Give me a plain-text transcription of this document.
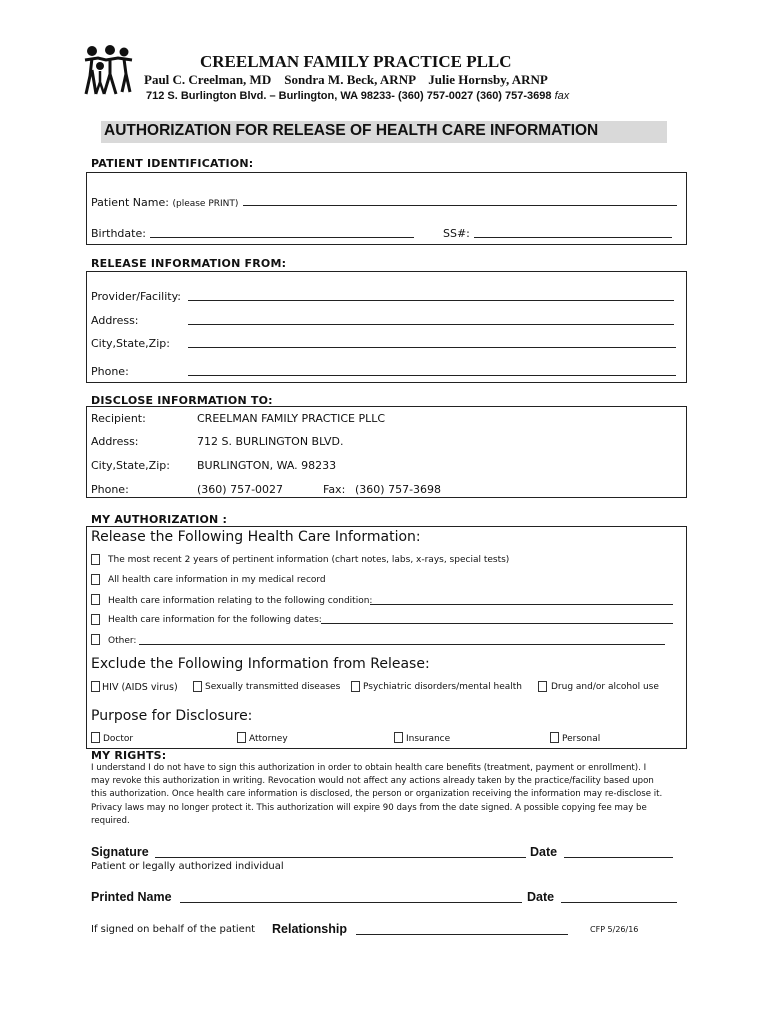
CREELMAN FAMILY PRACTICE PLLC
Paul C. Creelman, MD    Sondra M. Beck, ARNP    Julie Hornsby, ARNP
712 S. Burlington Blvd. – Burlington, WA 98233- (360) 757-0027 (360) 757-3698 fax
AUTHORIZATION FOR RELEASE OF HEALTH CARE INFORMATION
PATIENT IDENTIFICATION:
Patient Name: (please PRINT)
Birthdate:	SS#:
RELEASE INFORMATION FROM:
Provider/Facility:
Address:
City,State,Zip:
Phone:
DISCLOSE INFORMATION TO:
Recipient:	CREELMAN FAMILY PRACTICE PLLC
Address:	712 S. BURLINGTON BLVD.
City,State,Zip: BURLINGTON, WA. 98233
Phone:	(360) 757-0027	Fax: (360) 757-3698
MY AUTHORIZATION :
Release the Following Health Care Information:
The most recent 2 years of pertinent information (chart notes, labs, x-rays, special tests)
All health care information in my medical record
Health care information relating to the following condition:
Health care information for the following dates:
Other:
Exclude the Following Information from Release:
HIV (AIDS virus)	Sexually transmitted diseases	Psychiatric disorders/mental health	Drug and/or alcohol use
Purpose for Disclosure:
Doctor	Attorney	Insurance	Personal
MY RIGHTS:
I understand I do not have to sign this authorization in order to obtain health care benefits (treatment, payment or enrollment). I
may revoke this authorization in writing. Revocation would not affect any actions already taken by the practice/facility based upon
this authorization. Once health care information is disclosed, the person or organization receiving the information may re-disclose it.
Privacy laws may no longer protect it. This authorization will expire 90 days from the date signed. A possible copying fee may be
required.
Signature	Date
Patient or legally authorized individual
Printed Name	Date
If signed on behalf of the patient Relationship	CFP 5/26/16
